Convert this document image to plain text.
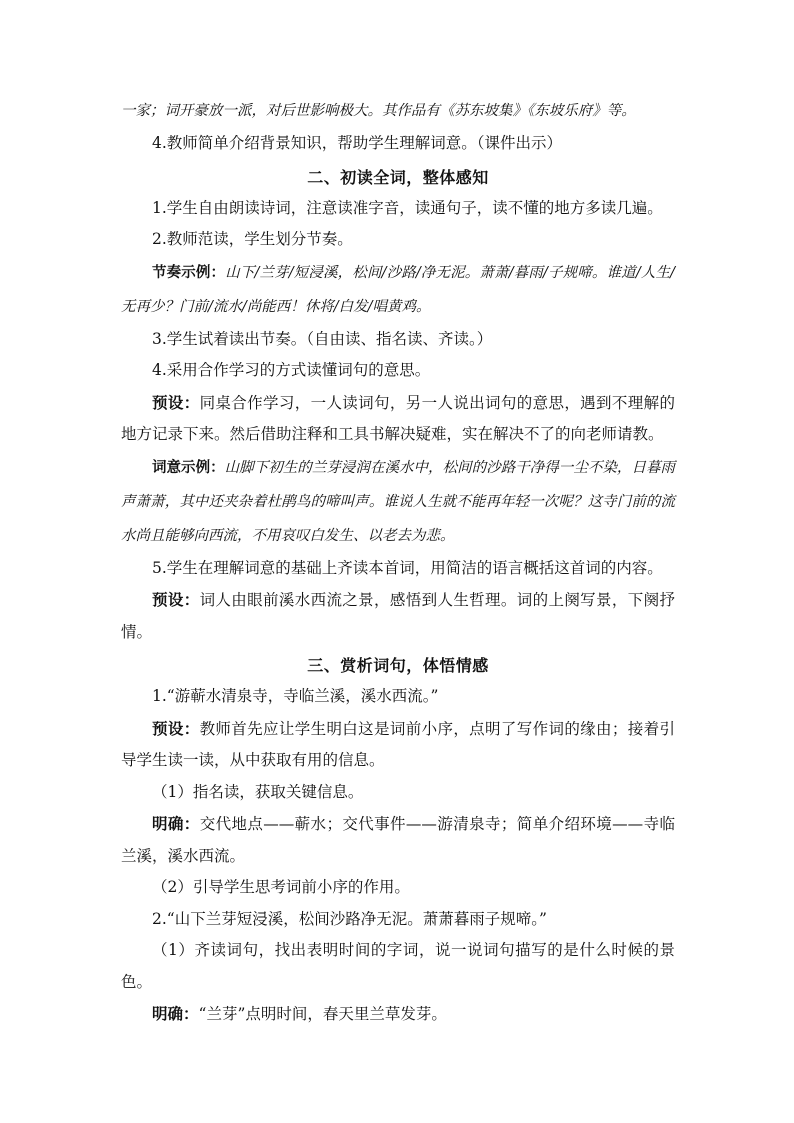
一家；词开豪放一派，对后世影响极大。其作品有《苏东坡集》《东坡乐府》等。

4.教师简单介绍背景知识，帮助学生理解词意。（课件出示）

二、初读全词，整体感知

1.学生自由朗读诗词，注意读准字音，读通句子，读不懂的地方多读几遍。

2.教师范读，学生划分节奏。

节奏示例：山下/兰芽/短浸溪，松间/沙路/净无泥。萧萧/暮雨/子规啼。谁道/人生/无再少？门前/流水/尚能西！休将/白发/唱黄鸡。

3.学生试着读出节奏。（自由读、指名读、齐读。）

4.采用合作学习的方式读懂词句的意思。

预设：同桌合作学习，一人读词句，另一人说出词句的意思，遇到不理解的地方记录下来。然后借助注释和工具书解决疑难，实在解决不了的向老师请教。

词意示例：山脚下初生的兰芽浸润在溪水中，松间的沙路干净得一尘不染，日暮雨声萧萧，其中还夹杂着杜鹃鸟的啼叫声。谁说人生就不能再年轻一次呢？这寺门前的流水尚且能够向西流，不用哀叹白发生、以老去为悲。

5.学生在理解词意的基础上齐读本首词，用简洁的语言概括这首词的内容。

预设：词人由眼前溪水西流之景，感悟到人生哲理。词的上阕写景，下阕抒情。

三、赏析词句，体悟情感

1.“游蕲水清泉寺，寺临兰溪，溪水西流。”

预设：教师首先应让学生明白这是词前小序，点明了写作词的缘由；接着引导学生读一读，从中获取有用的信息。

（1）指名读，获取关键信息。

明确：交代地点——蕲水；交代事件——游清泉寺；简单介绍环境——寺临兰溪，溪水西流。

（2）引导学生思考词前小序的作用。

2.“山下兰芽短浸溪，松间沙路净无泥。萧萧暮雨子规啼。”

（1）齐读词句，找出表明时间的字词，说一说词句描写的是什么时候的景色。

明确：“兰芽”点明时间，春天里兰草发芽。
